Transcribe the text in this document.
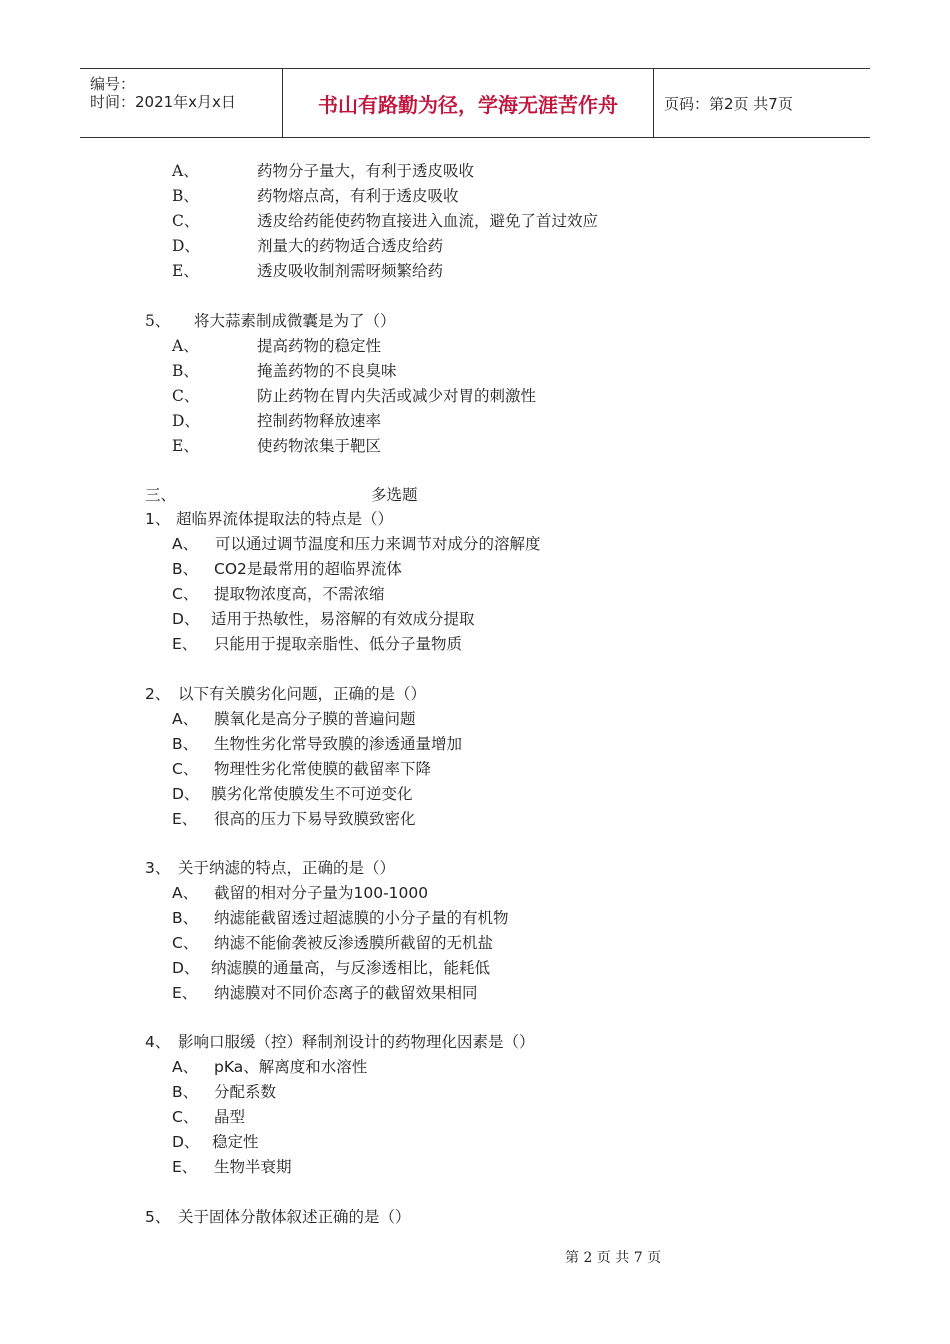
编号：
时间：2021年x月x日	书山有路勤为径，学海无涯苦作舟	页码：第2页 共7页
A、	药物分子量大，有利于透皮吸收
B、	药物熔点高，有利于透皮吸收
C、	透皮给药能使药物直接进入血流，避免了首过效应
D、	剂量大的药物适合透皮给药
E、	透皮吸收制剂需呀频繁给药
5、 将大蒜素制成微囊是为了（）
A、	提高药物的稳定性
B、	掩盖药物的不良臭味
C、	防止药物在胃内失活或减少对胃的刺激性
D、	控制药物释放速率
E、	使药物浓集于靶区
三、	多选题
1、 超临界流体提取法的特点是（）
A、 可以通过调节温度和压力来调节对成分的溶解度
B、 CO2是最常用的超临界流体
C、 提取物浓度高，不需浓缩
D、 适用于热敏性，易溶解的有效成分提取
E、 只能用于提取亲脂性、低分子量物质
2、 以下有关膜劣化问题，正确的是（）
A、 膜氧化是高分子膜的普遍问题
B、 生物性劣化常导致膜的渗透通量增加
C、 物理性劣化常使膜的截留率下降
D、 膜劣化常使膜发生不可逆变化
E、 很高的压力下易导致膜致密化
3、 关于纳滤的特点，正确的是（）
A、 截留的相对分子量为100-1000
B、 纳滤能截留透过超滤膜的小分子量的有机物
C、 纳滤不能偷袭被反渗透膜所截留的无机盐
D、 纳滤膜的通量高，与反渗透相比，能耗低
E、 纳滤膜对不同价态离子的截留效果相同
4、 影响口服缓（控）释制剂设计的药物理化因素是（）
A、 pKa、解离度和水溶性
B、 分配系数
C、 晶型
D、 稳定性
E、 生物半衰期
5、 关于固体分散体叙述正确的是（）
第 2 页 共 7 页
